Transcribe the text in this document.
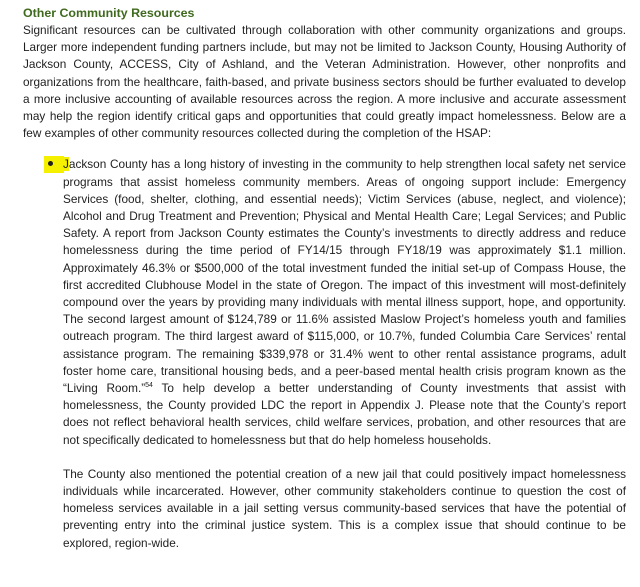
Other Community Resources

Significant resources can be cultivated through collaboration with other community organizations and groups. Larger more independent funding partners include, but may not be limited to Jackson County, Housing Authority of Jackson County, ACCESS, City of Ashland, and the Veteran Administration. However, other nonprofits and organizations from the healthcare, faith-based, and private business sectors should be further evaluated to develop a more inclusive accounting of available resources across the region. A more inclusive and accurate assessment may help the region identify critical gaps and opportunities that could greatly impact homelessness. Below are a few examples of other community resources collected during the completion of the HSAP:

Jackson County has a long history of investing in the community to help strengthen local safety net service programs that assist homeless community members. Areas of ongoing support include: Emergency Services (food, shelter, clothing, and essential needs); Victim Services (abuse, neglect, and violence); Alcohol and Drug Treatment and Prevention; Physical and Mental Health Care; Legal Services; and Public Safety. A report from Jackson County estimates the County’s investments to directly address and reduce homelessness during the time period of FY14/15 through FY18/19 was approximately $1.1 million. Approximately 46.3% or $500,000 of the total investment funded the initial set-up of Compass House, the first accredited Clubhouse Model in the state of Oregon. The impact of this investment will most-definitely compound over the years by providing many individuals with mental illness support, hope, and opportunity. The second largest amount of $124,789 or 11.6% assisted Maslow Project’s homeless youth and families outreach program. The third largest award of $115,000, or 10.7%, funded Columbia Care Services’ rental assistance program. The remaining $339,978 or 31.4% went to other rental assistance programs, adult foster home care, transitional housing beds, and a peer-based mental health crisis program known as the “Living Room.”$^{54}$ To help develop a better understanding of County investments that assist with homelessness, the County provided LDC the report in Appendix J. Please note that the County’s report does not reflect behavioral health services, child welfare services, probation, and other resources that are not specifically dedicated to homelessness but that do help homeless households.

The County also mentioned the potential creation of a new jail that could positively impact homelessness individuals while incarcerated. However, other community stakeholders continue to question the cost of homeless services available in a jail setting versus community-based services that have the potential of preventing entry into the criminal justice system. This is a complex issue that should continue to be explored, region-wide.
